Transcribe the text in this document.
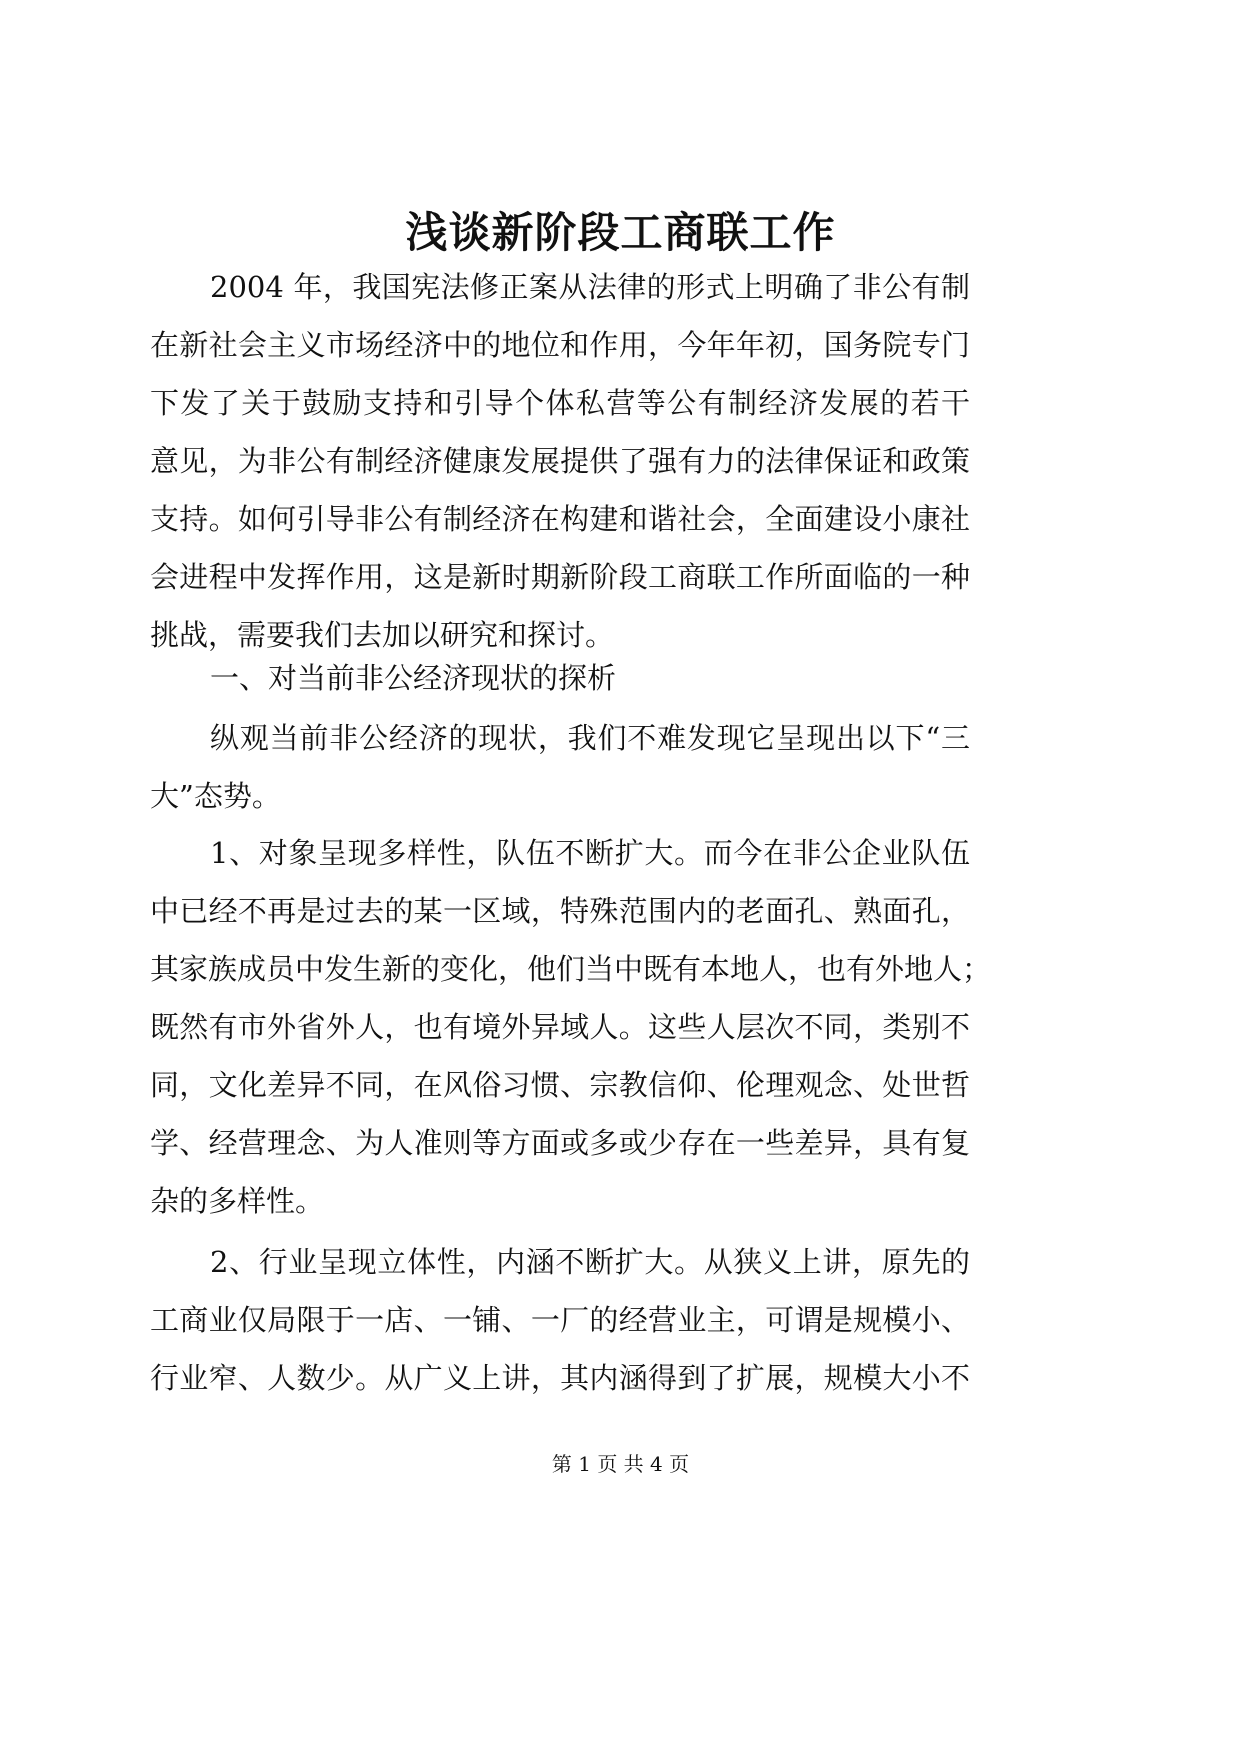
浅谈新阶段工商联工作
2004 年，我国宪法修正案从法律的形式上明确了非公有制
在新社会主义市场经济中的地位和作用，今年年初，国务院专门
下发了关于鼓励支持和引导个体私营等公有制经济发展的若干
意见，为非公有制经济健康发展提供了强有力的法律保证和政策
支持。如何引导非公有制经济在构建和谐社会，全面建设小康社
会进程中发挥作用，这是新时期新阶段工商联工作所面临的一种
挑战，需要我们去加以研究和探讨。
一、对当前非公经济现状的探析
纵观当前非公经济的现状，我们不难发现它呈现出以下“三
大”态势。
1、对象呈现多样性，队伍不断扩大。而今在非公企业队伍
中已经不再是过去的某一区域，特殊范围内的老面孔、熟面孔，
其家族成员中发生新的变化，他们当中既有本地人，也有外地人；
既然有市外省外人，也有境外异域人。这些人层次不同，类别不
同，文化差异不同，在风俗习惯、宗教信仰、伦理观念、处世哲
学、经营理念、为人准则等方面或多或少存在一些差异，具有复
杂的多样性。
2、行业呈现立体性，内涵不断扩大。从狭义上讲，原先的
工商业仅局限于一店、一铺、一厂的经营业主，可谓是规模小、
行业窄、人数少。从广义上讲，其内涵得到了扩展，规模大小不
第 1 页 共 4 页
